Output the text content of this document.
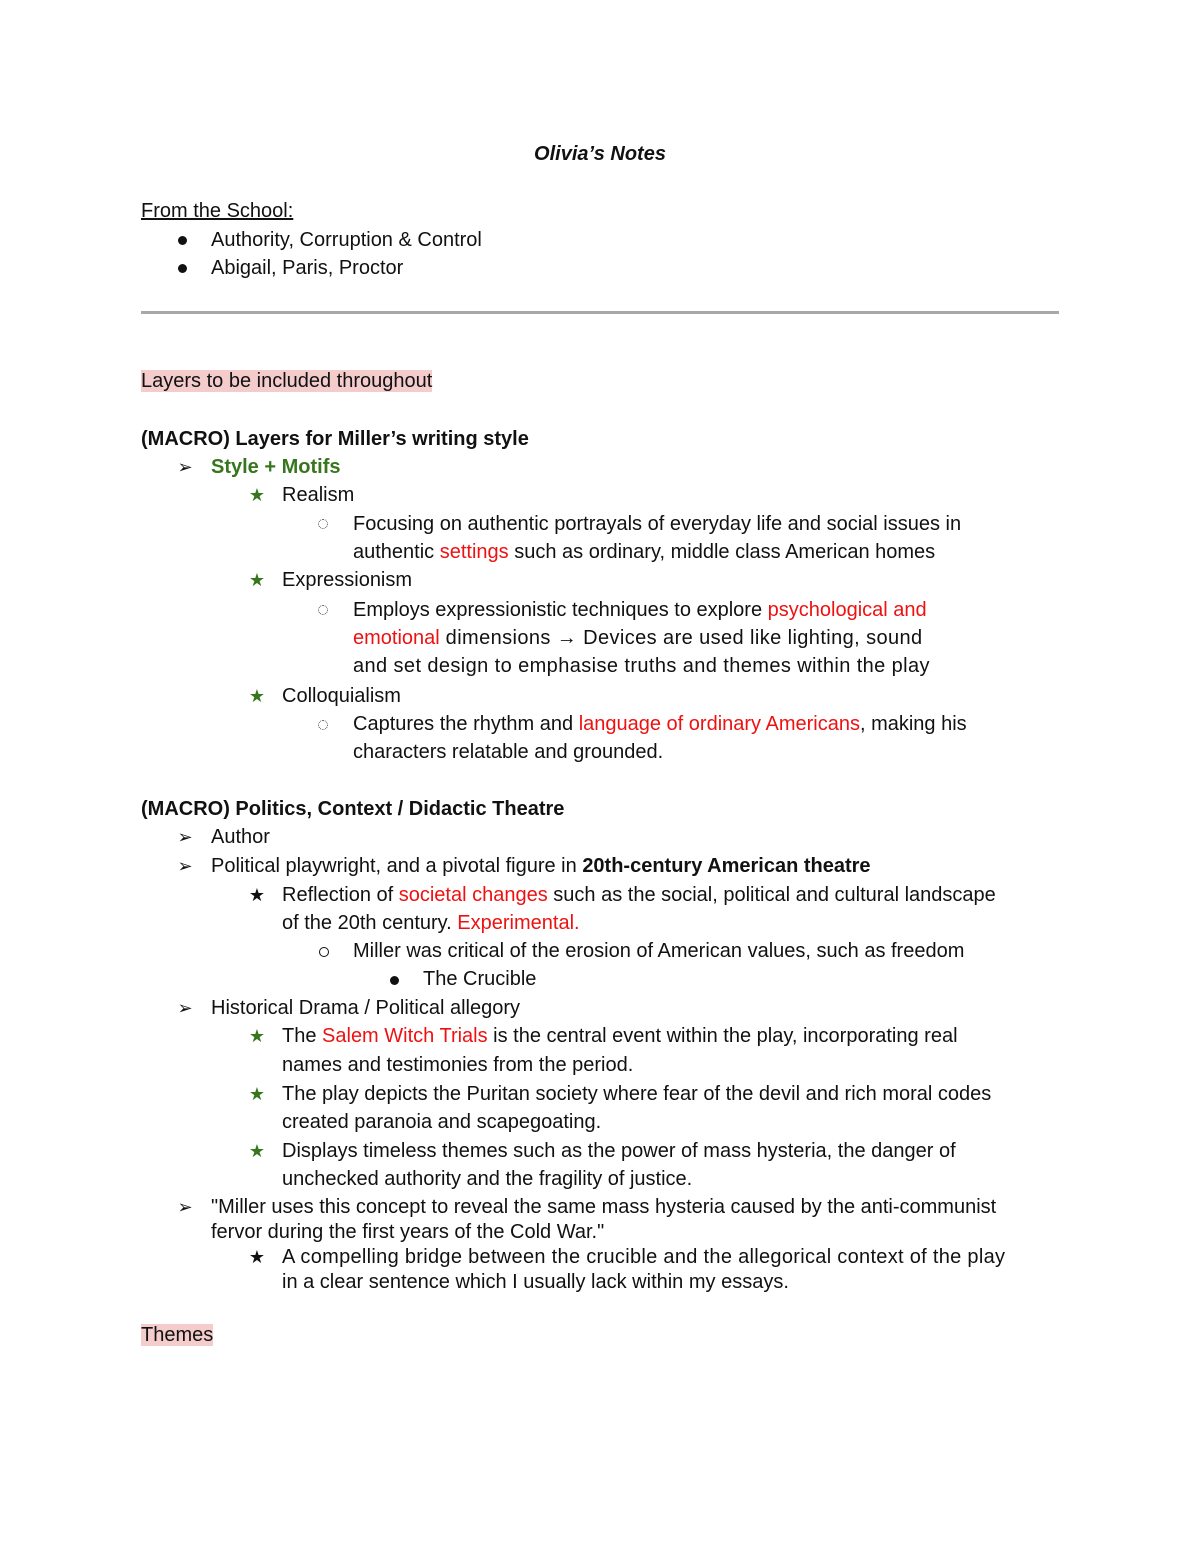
Olivia’s Notes
From the School:
Authority, Corruption & Control
Abigail, Paris, Proctor
Layers to be included throughout
(MACRO) Layers for Miller’s writing style
➢ Style + Motifs
★ Realism
Focusing on authentic portrayals of everyday life and social issues in
authentic settings such as ordinary, middle class American homes
★ Expressionism
Employs expressionistic techniques to explore psychological and
emotional dimensions → Devices are used like lighting, sound
and set design to emphasise truths and themes within the play
★ Colloquialism
Captures the rhythm and language of ordinary Americans, making his
characters relatable and grounded.
(MACRO) Politics, Context / Didactic Theatre
➢ Author
➢ Political playwright, and a pivotal figure in 20th-century American theatre
★ Reflection of societal changes such as the social, political and cultural landscape
of the 20th century. Experimental.
Miller was critical of the erosion of American values, such as freedom
The Crucible
➢ Historical Drama / Political allegory
★ The Salem Witch Trials is the central event within the play, incorporating real
names and testimonies from the period.
★ The play depicts the Puritan society where fear of the devil and rich moral codes
created paranoia and scapegoating.
★ Displays timeless themes such as the power of mass hysteria, the danger of
unchecked authority and the fragility of justice.
➢ "Miller uses this concept to reveal the same mass hysteria caused by the anti-communist
fervor during the first years of the Cold War."
★ A compelling bridge between the crucible and the allegorical context of the play
in a clear sentence which I usually lack within my essays.
Themes
